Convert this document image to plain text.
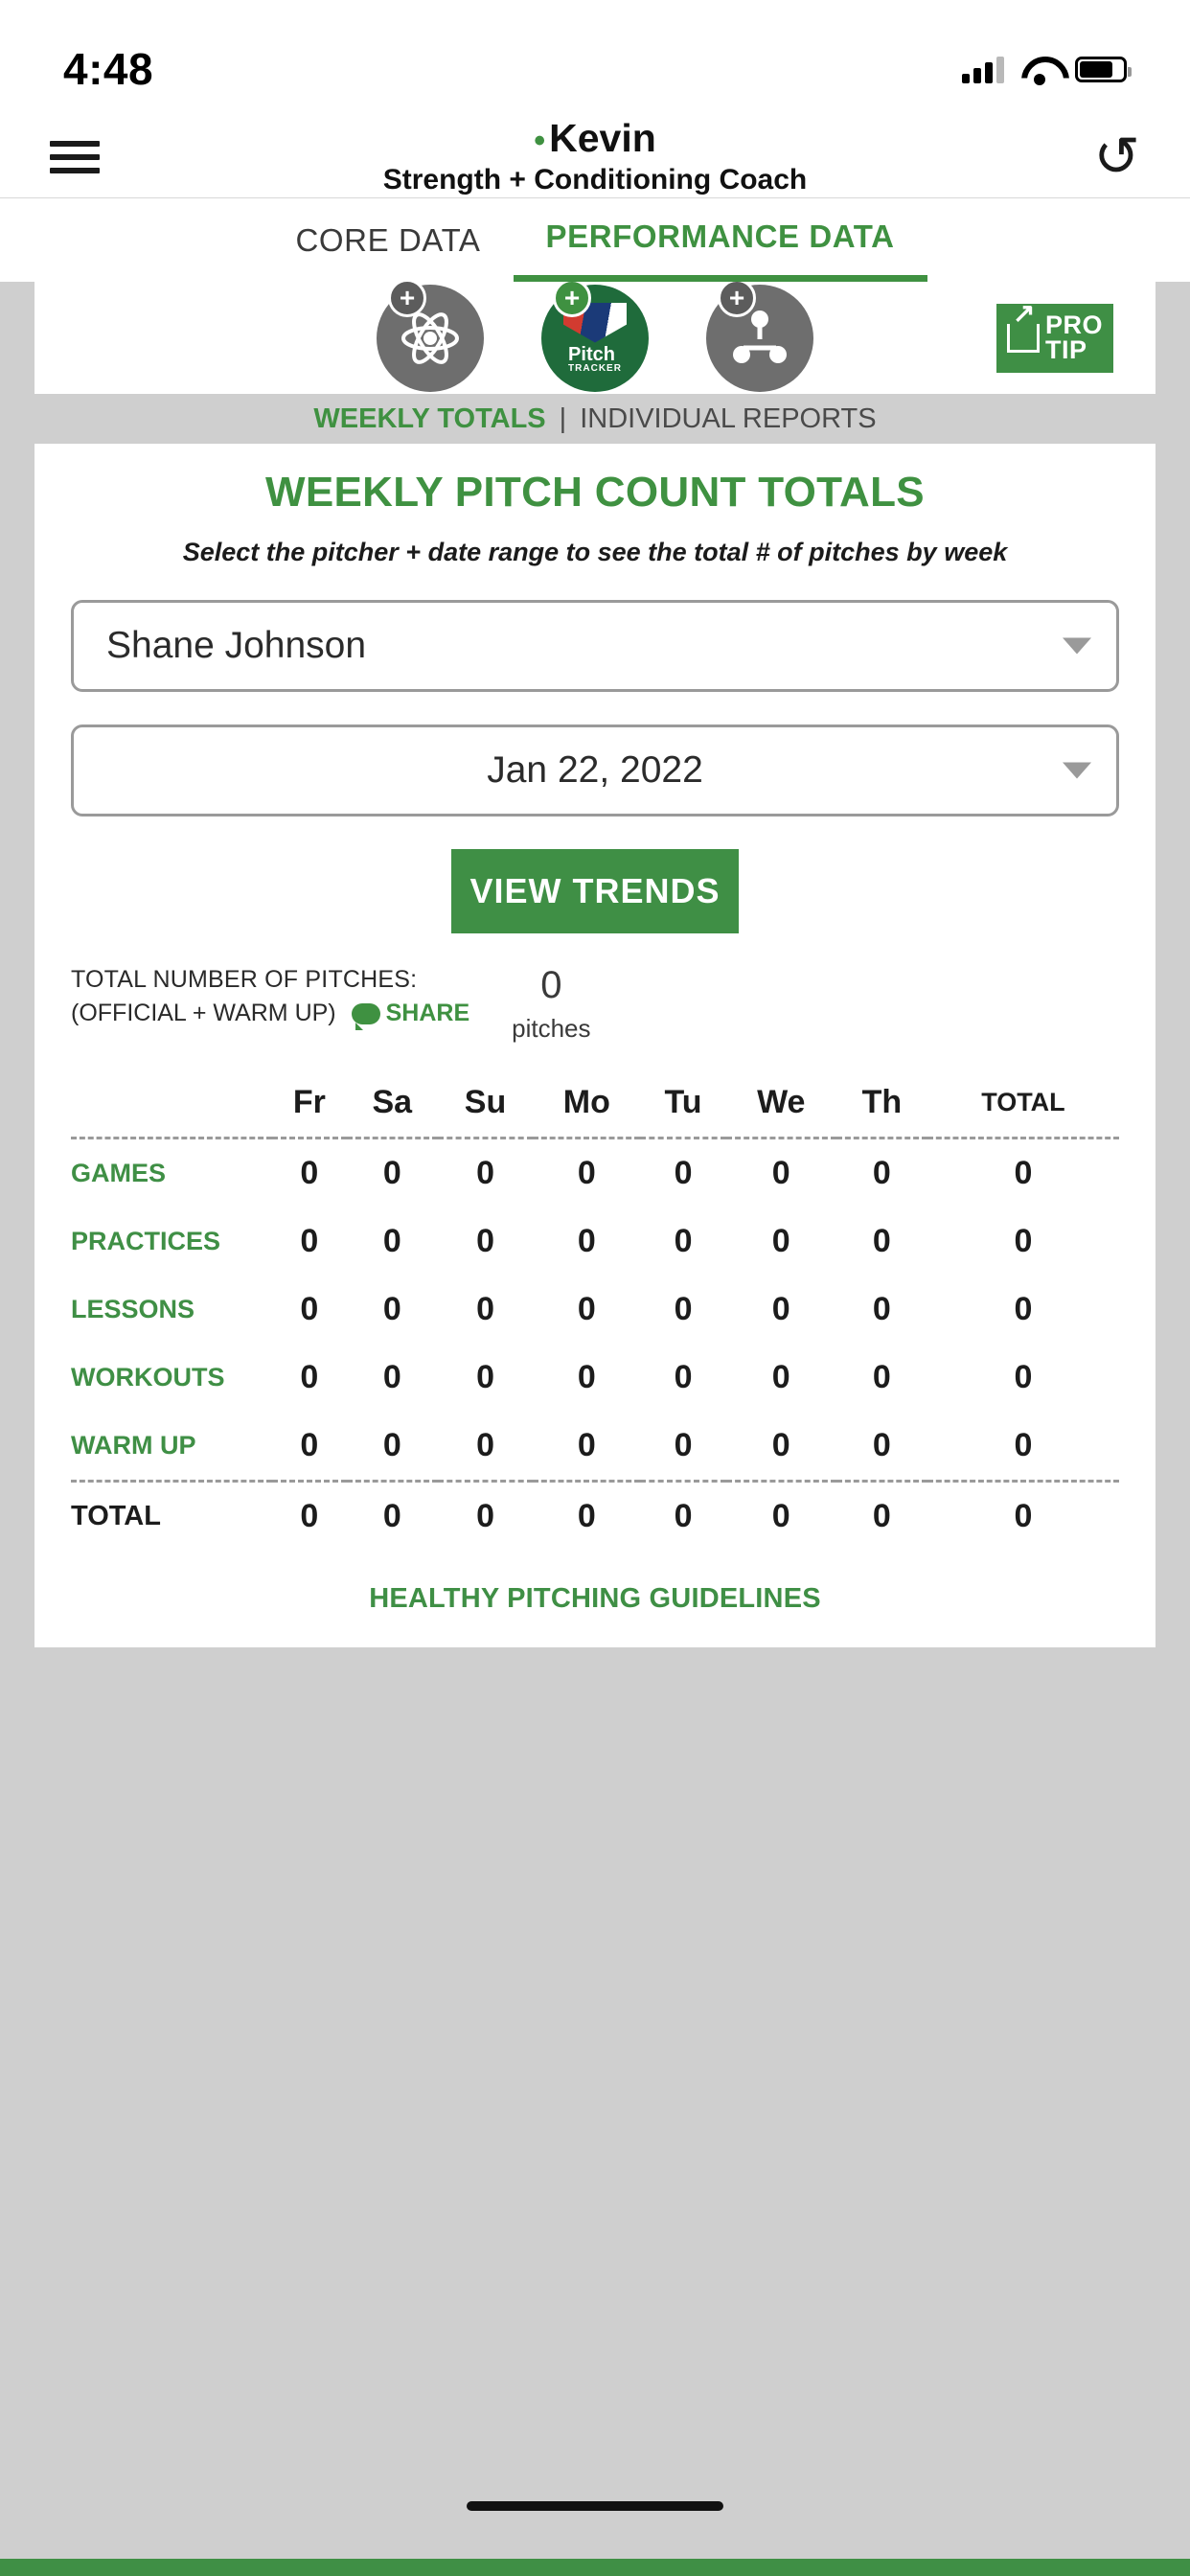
4:48
•Kevin
Strength + Conditioning Coach	↺
CORE DATA	PERFORMANCE DATA
+
Pitch
TRACKER
+	+
↗
PRO
TIP
WEEKLY TOTALS | INDIVIDUAL REPORTS
WEEKLY PITCH COUNT TOTALS
Select the pitcher + date range to see the total # of pitches by week
Shane Johnson
Jan 22, 2022
VIEW TRENDS
TOTAL NUMBER OF PITCHES:
(OFFICIAL + WARM UP) SHARE
0
pitches
	Fr	Sa	Su	Mo	Tu	We	Th	TOTAL
GAMES	0	0	0	0	0	0	0	0
PRACTICES	0	0	0	0	0	0	0	0
LESSONS	0	0	0	0	0	0	0	0
WORKOUTS	0	0	0	0	0	0	0	0
WARM UP	0	0	0	0	0	0	0	0
TOTAL	0	0	0	0	0	0	0	0
HEALTHY PITCHING GUIDELINES
